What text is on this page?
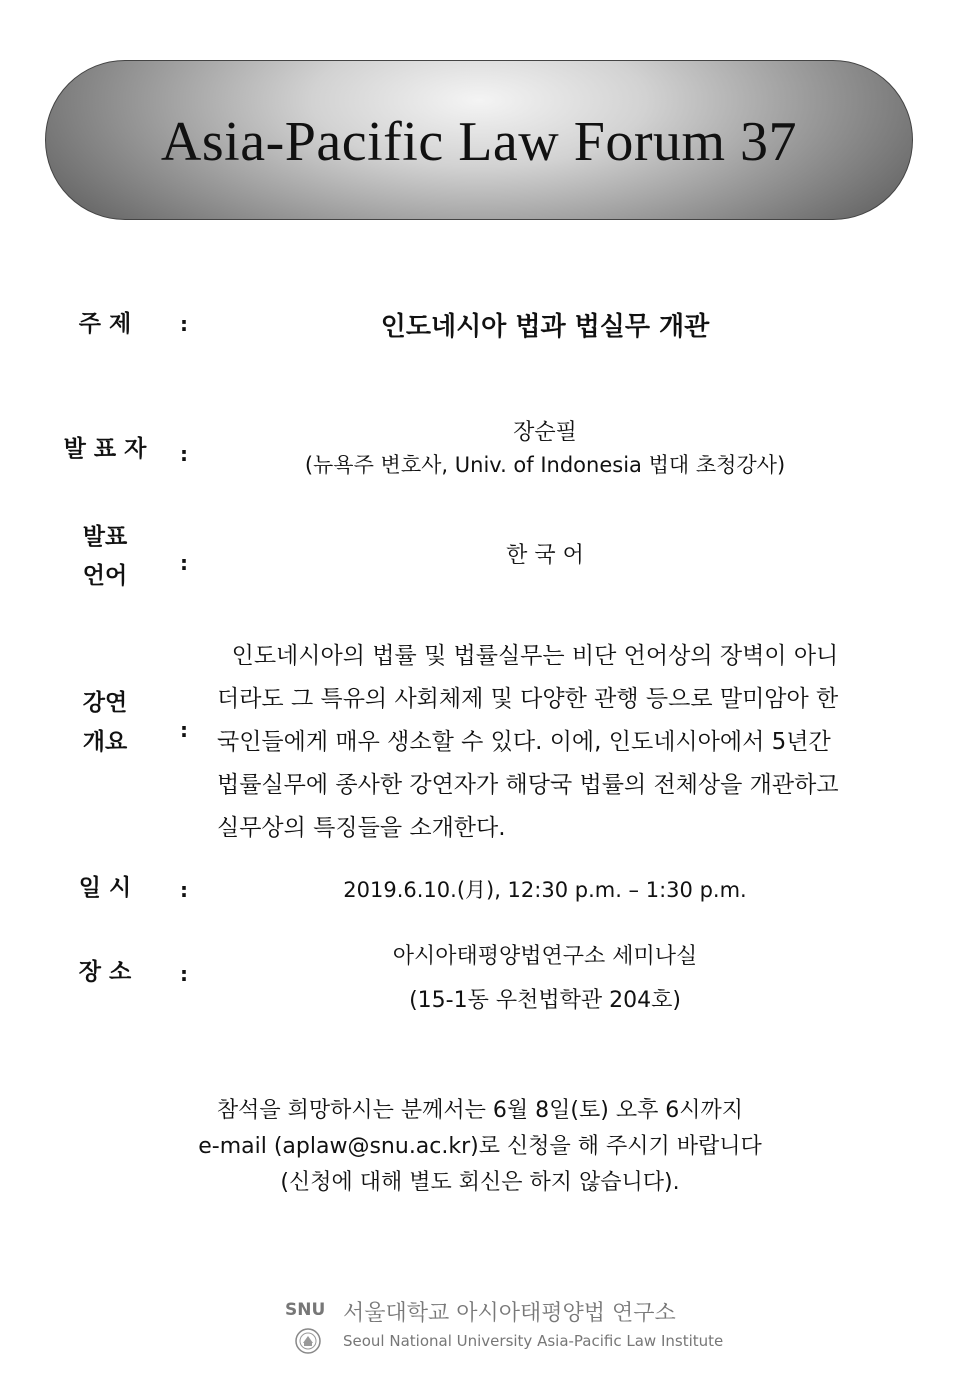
Asia-Pacific Law Forum 37
주 제	:	인도네시아 법과 법실무 개관
발 표 자	:
장순필
(뉴욕주 변호사, Univ. of Indonesia 법대 초청강사)
발표
언어	:	한 국 어
강연
개요	:
인도네시아의 법률 및 법률실무는 비단 언어상의 장벽이 아니
더라도 그 특유의 사회체제 및 다양한 관행 등으로 말미암아 한
국인들에게 매우 생소할 수 있다. 이에, 인도네시아에서 5년간
법률실무에 종사한 강연자가 해당국 법률의 전체상을 개관하고
실무상의 특징들을 소개한다.
일 시	:	2019.6.10.(月), 12:30 p.m. – 1:30 p.m.
장 소	:
아시아태평양법연구소 세미나실
(15-1동 우천법학관 204호)
참석을 희망하시는 분께서는 6월 8일(토) 오후 6시까지
e-mail (aplaw@snu.ac.kr)로 신청을 해 주시기 바랍니다
(신청에 대해 별도 회신은 하지 않습니다).
SNU 서울대학교 아시아태평양법 연구소
Seoul National University Asia-Pacific Law Institute
